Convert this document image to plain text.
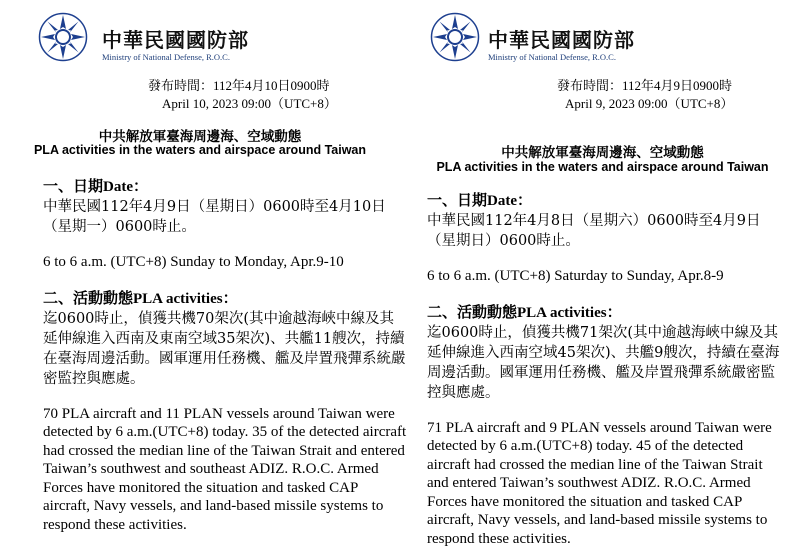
中華民國國防部
Ministry of National Defense, R.O.C.
發布時間：112年4月10日0900時
April 10, 2023 09:00（UTC+8）
中共解放軍臺海周邊海、空域動態
PLA activities in the waters and airspace around Taiwan

一、日期Date：

中華民國112年4月9日（星期日）0600時至4月10日（星期一）0600時止。

6 to 6 a.m. (UTC+8) Sunday to Monday, Apr.9-10

二、活動動態PLA activities：

迄0600時止，偵獲共機70架次(其中逾越海峽中線及其延伸線進入西南及東南空域35架次)、共艦11艘次，持續在臺海周邊活動。國軍運用任務機、艦及岸置飛彈系統嚴密監控與應處。

70 PLA aircraft and 11 PLAN vessels around Taiwan were detected by 6 a.m.(UTC+8) today. 35 of the detected aircraft had crossed the median line of the Taiwan Strait and entered Taiwan’s southwest and southeast ADIZ. R.O.C. Armed Forces have monitored the situation and tasked CAP aircraft, Navy vessels, and land-based missile systems to respond these activities.

中華民國國防部
Ministry of National Defense, R.O.C.
發布時間：112年4月9日0900時
April 9, 2023 09:00（UTC+8）
中共解放軍臺海周邊海、空域動態
PLA activities in the waters and airspace around Taiwan

一、日期Date：

中華民國112年4月8日（星期六）0600時至4月9日（星期日）0600時止。

6 to 6 a.m. (UTC+8) Saturday to Sunday, Apr.8-9

二、活動動態PLA activities：

迄0600時止，偵獲共機71架次(其中逾越海峽中線及其延伸線進入西南空域45架次)、共艦9艘次，持續在臺海周邊活動。國軍運用任務機、艦及岸置飛彈系統嚴密監控與應處。

71 PLA aircraft and 9 PLAN vessels around Taiwan were detected by 6 a.m.(UTC+8) today. 45 of the detected aircraft had crossed the median line of the Taiwan Strait and entered Taiwan’s southwest ADIZ. R.O.C. Armed Forces have monitored the situation and tasked CAP aircraft, Navy vessels, and land-based missile systems to respond these activities.
